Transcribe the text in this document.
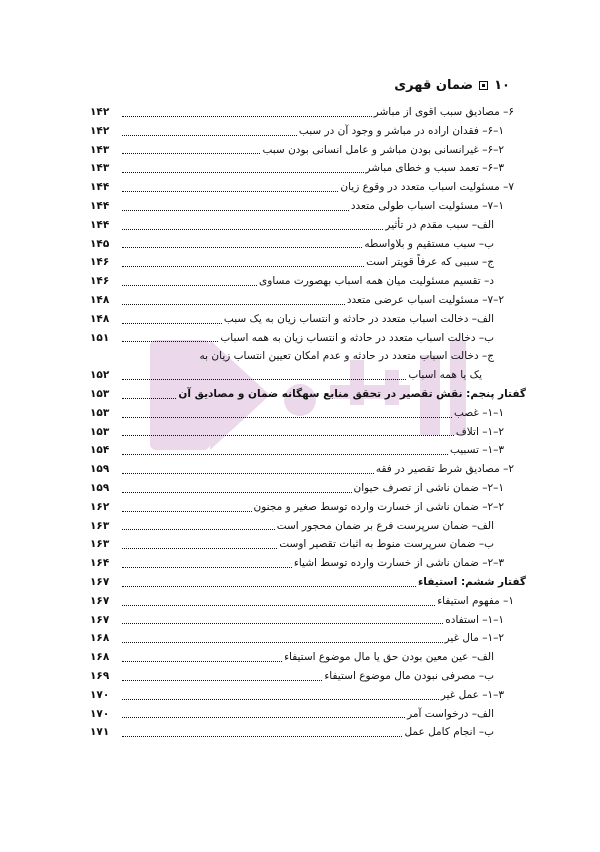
۱۰
ضمان قهری
۶– مصادیق سبب اقوی از مباشر
۱۴۲
۱–۶– فقدان اراده در مباشر و وجود آن در سبب
۱۴۲
۲–۶– غیرانسانی بودن مباشر و عامل انسانی بودن سبب
۱۴۳
۳–۶– تعمد سبب و خطای مباشر
۱۴۳
۷– مسئولیت اسباب متعدد در وقوع زیان
۱۴۴
۱–۷– مسئولیت اسباب طولی متعدد
۱۴۴
الف– سبب مقدم در تأثیر
۱۴۴
ب– سبب مستقیم و بلاواسطه
۱۴۵
ج– سببی که عرفاً قویتر است
۱۴۶
د– تقسیم مسئولیت میان همه اسباب بهصورت مساوی
۱۴۶
۲–۷– مسئولیت اسباب عرضی متعدد
۱۴۸
الف– دخالت اسباب متعدد در حادثه و انتساب زیان به یک سبب
۱۴۸
ب– دخالت اسباب متعدد در حادثه و انتساب زیان به همه اسباب
۱۵۱
ج– دخالت اسباب متعدد در حادثه و عدم امکان تعیین انتساب زیان به
یک یا همه اسباب
۱۵۲
گفتار پنجم: نقش تقصیر در تحقق منابع سهگانه ضمان و مصادیق آن
۱۵۳
۱–۱– غصب
۱۵۳
۲–۱– اتلاف
۱۵۳
۳–۱– تسبیب
۱۵۴
۲– مصادیق شرط تقصیر در فقه
۱۵۹
۱–۲– ضمان ناشی از تصرف حیوان
۱۵۹
۲–۲– ضمان ناشی از خسارت وارده توسط صغیر و مجنون
۱۶۲
الف– ضمان سرپرست فرع بر ضمان محجور است
۱۶۳
ب– ضمان سرپرست منوط به اثبات تقصیر اوست
۱۶۳
۳–۲– ضمان ناشی از خسارت وارده توسط اشیاء
۱۶۴
گفتار ششم: استیفاء
۱۶۷
۱– مفهوم استیفاء
۱۶۷
۱–۱– استفاده
۱۶۷
۲–۱– مال غیر
۱۶۸
الف– عین معین بودن حق یا مال موضوع استیفاء
۱۶۸
ب– مصرفی نبودن مال موضوع استیفاء
۱۶۹
۳–۱– عمل غیر
۱۷۰
الف– درخواست آمر
۱۷۰
ب– انجام کامل عمل
۱۷۱
